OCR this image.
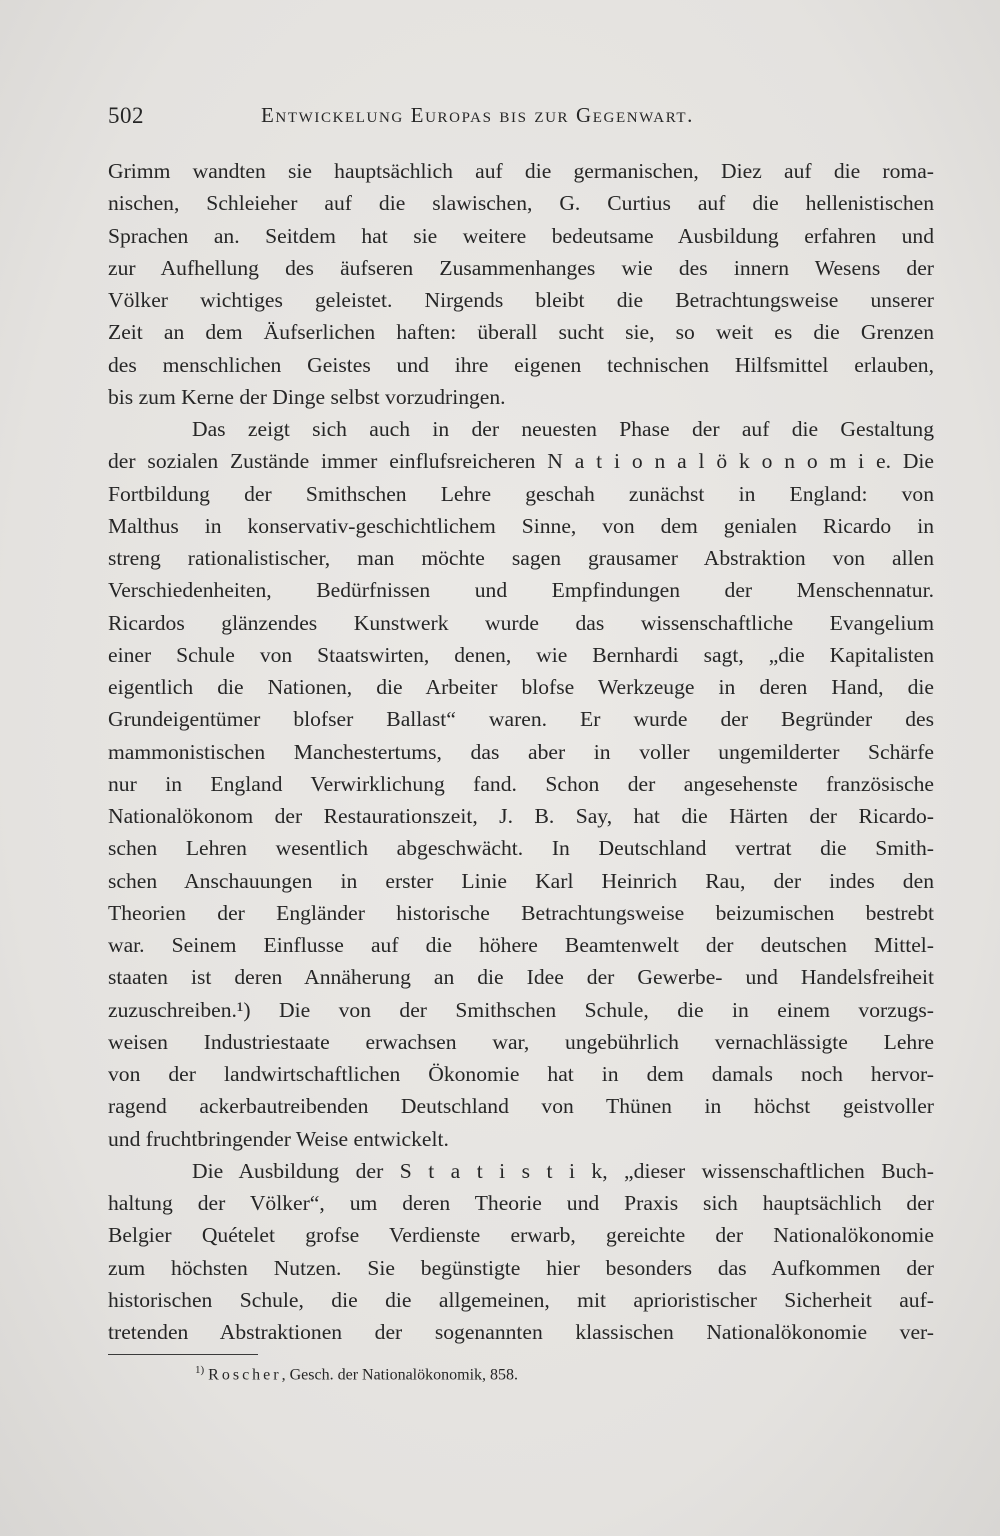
502	Entwickelung Europas bis zur Gegenwart.
Grimm wandten sie hauptsächlich auf die germanischen, Diez auf die roma-
nischen, Schleieher auf die slawischen, G. Curtius auf die hellenistischen
Sprachen an. Seitdem hat sie weitere bedeutsame Ausbildung erfahren und
zur Aufhellung des äufseren Zusammenhanges wie des innern Wesens der
Völker wichtiges geleistet. Nirgends bleibt die Betrachtungsweise unserer
Zeit an dem Äufserlichen haften: überall sucht sie, so weit es die Grenzen
des menschlichen Geistes und ihre eigenen technischen Hilfsmittel erlauben,
bis zum Kerne der Dinge selbst vorzudringen.
Das zeigt sich auch in der neuesten Phase der auf die Gestaltung
der sozialen Zustände immer einflufsreicheren N a t i o n a l ö k o n o m i e. Die
Fortbildung der Smithschen Lehre geschah zunächst in England: von
Malthus in konservativ-geschichtlichem Sinne, von dem genialen Ricardo in
streng rationalistischer, man möchte sagen grausamer Abstraktion von allen
Verschiedenheiten, Bedürfnissen und Empfindungen der Menschennatur.
Ricardos glänzendes Kunstwerk wurde das wissenschaftliche Evangelium
einer Schule von Staatswirten, denen, wie Bernhardi sagt, „die Kapitalisten
eigentlich die Nationen, die Arbeiter blofse Werkzeuge in deren Hand, die
Grundeigentümer blofser Ballast“ waren. Er wurde der Begründer des
mammonistischen Manchestertums, das aber in voller ungemilderter Schärfe
nur in England Verwirklichung fand. Schon der angesehenste französische
Nationalökonom der Restaurationszeit, J. B. Say, hat die Härten der Ricardo-
schen Lehren wesentlich abgeschwächt. In Deutschland vertrat die Smith-
schen Anschauungen in erster Linie Karl Heinrich Rau, der indes den
Theorien der Engländer historische Betrachtungsweise beizumischen bestrebt
war. Seinem Einflusse auf die höhere Beamtenwelt der deutschen Mittel-
staaten ist deren Annäherung an die Idee der Gewerbe- und Handelsfreiheit
zuzuschreiben.¹) Die von der Smithschen Schule, die in einem vorzugs-
weisen Industriestaate erwachsen war, ungebührlich vernachlässigte Lehre
von der landwirtschaftlichen Ökonomie hat in dem damals noch hervor-
ragend ackerbautreibenden Deutschland von Thünen in höchst geistvoller
und fruchtbringender Weise entwickelt.
Die Ausbildung der S t a t i s t i k, „dieser wissenschaftlichen Buch-
haltung der Völker“, um deren Theorie und Praxis sich hauptsächlich der
Belgier Quételet grofse Verdienste erwarb, gereichte der Nationalökonomie
zum höchsten Nutzen. Sie begünstigte hier besonders das Aufkommen der
historischen Schule, die die allgemeinen, mit aprioristischer Sicherheit auf-
tretenden Abstraktionen der sogenannten klassischen Nationalökonomie ver-
$^{1)}$ Roscher, Gesch. der Nationalökonomik, 858.
